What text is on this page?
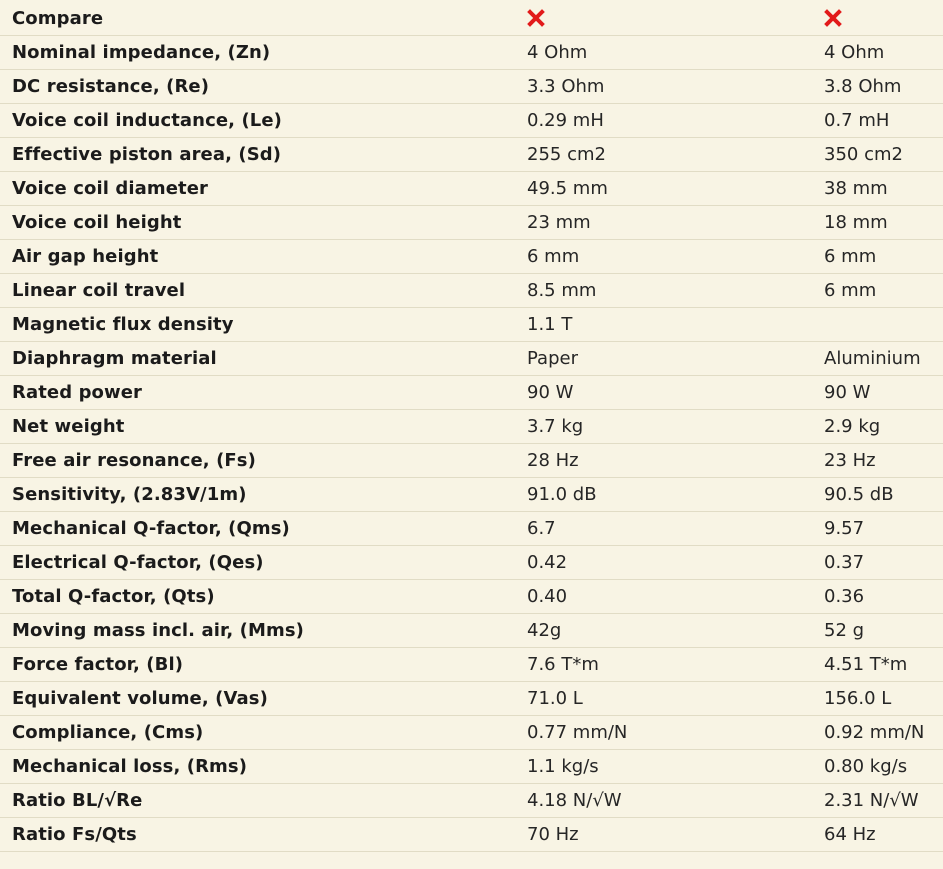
Compare	

Nominal impedance, (Zn)	4 Ohm	4 Ohm
DC resistance, (Re)	3.3 Ohm	3.8 Ohm
Voice coil inductance, (Le)	0.29 mH	0.7 mH
Effective piston area, (Sd)	255 cm2	350 cm2
Voice coil diameter	49.5 mm	38 mm
Voice coil height	23 mm	18 mm
Air gap height	6 mm	6 mm
Linear coil travel	8.5 mm	6 mm
Magnetic flux density	1.1 T	
Diaphragm material	Paper	Aluminium
Rated power	90 W	90 W
Net weight	3.7 kg	2.9 kg
Free air resonance, (Fs)	28 Hz	23 Hz
Sensitivity, (2.83V/1m)	91.0 dB	90.5 dB
Mechanical Q-factor, (Qms)	6.7	9.57
Electrical Q-factor, (Qes)	0.42	0.37
Total Q-factor, (Qts)	0.40	0.36
Moving mass incl. air, (Mms)	42g	52 g
Force factor, (Bl)	7.6 T*m	4.51 T*m
Equivalent volume, (Vas)	71.0 L	156.0 L
Compliance, (Cms)	0.77 mm/N	0.92 mm/N
Mechanical loss, (Rms)	1.1 kg/s	0.80 kg/s
Ratio BL/√Re	4.18 N/√W	2.31 N/√W
Ratio Fs/Qts	70 Hz	64 Hz
